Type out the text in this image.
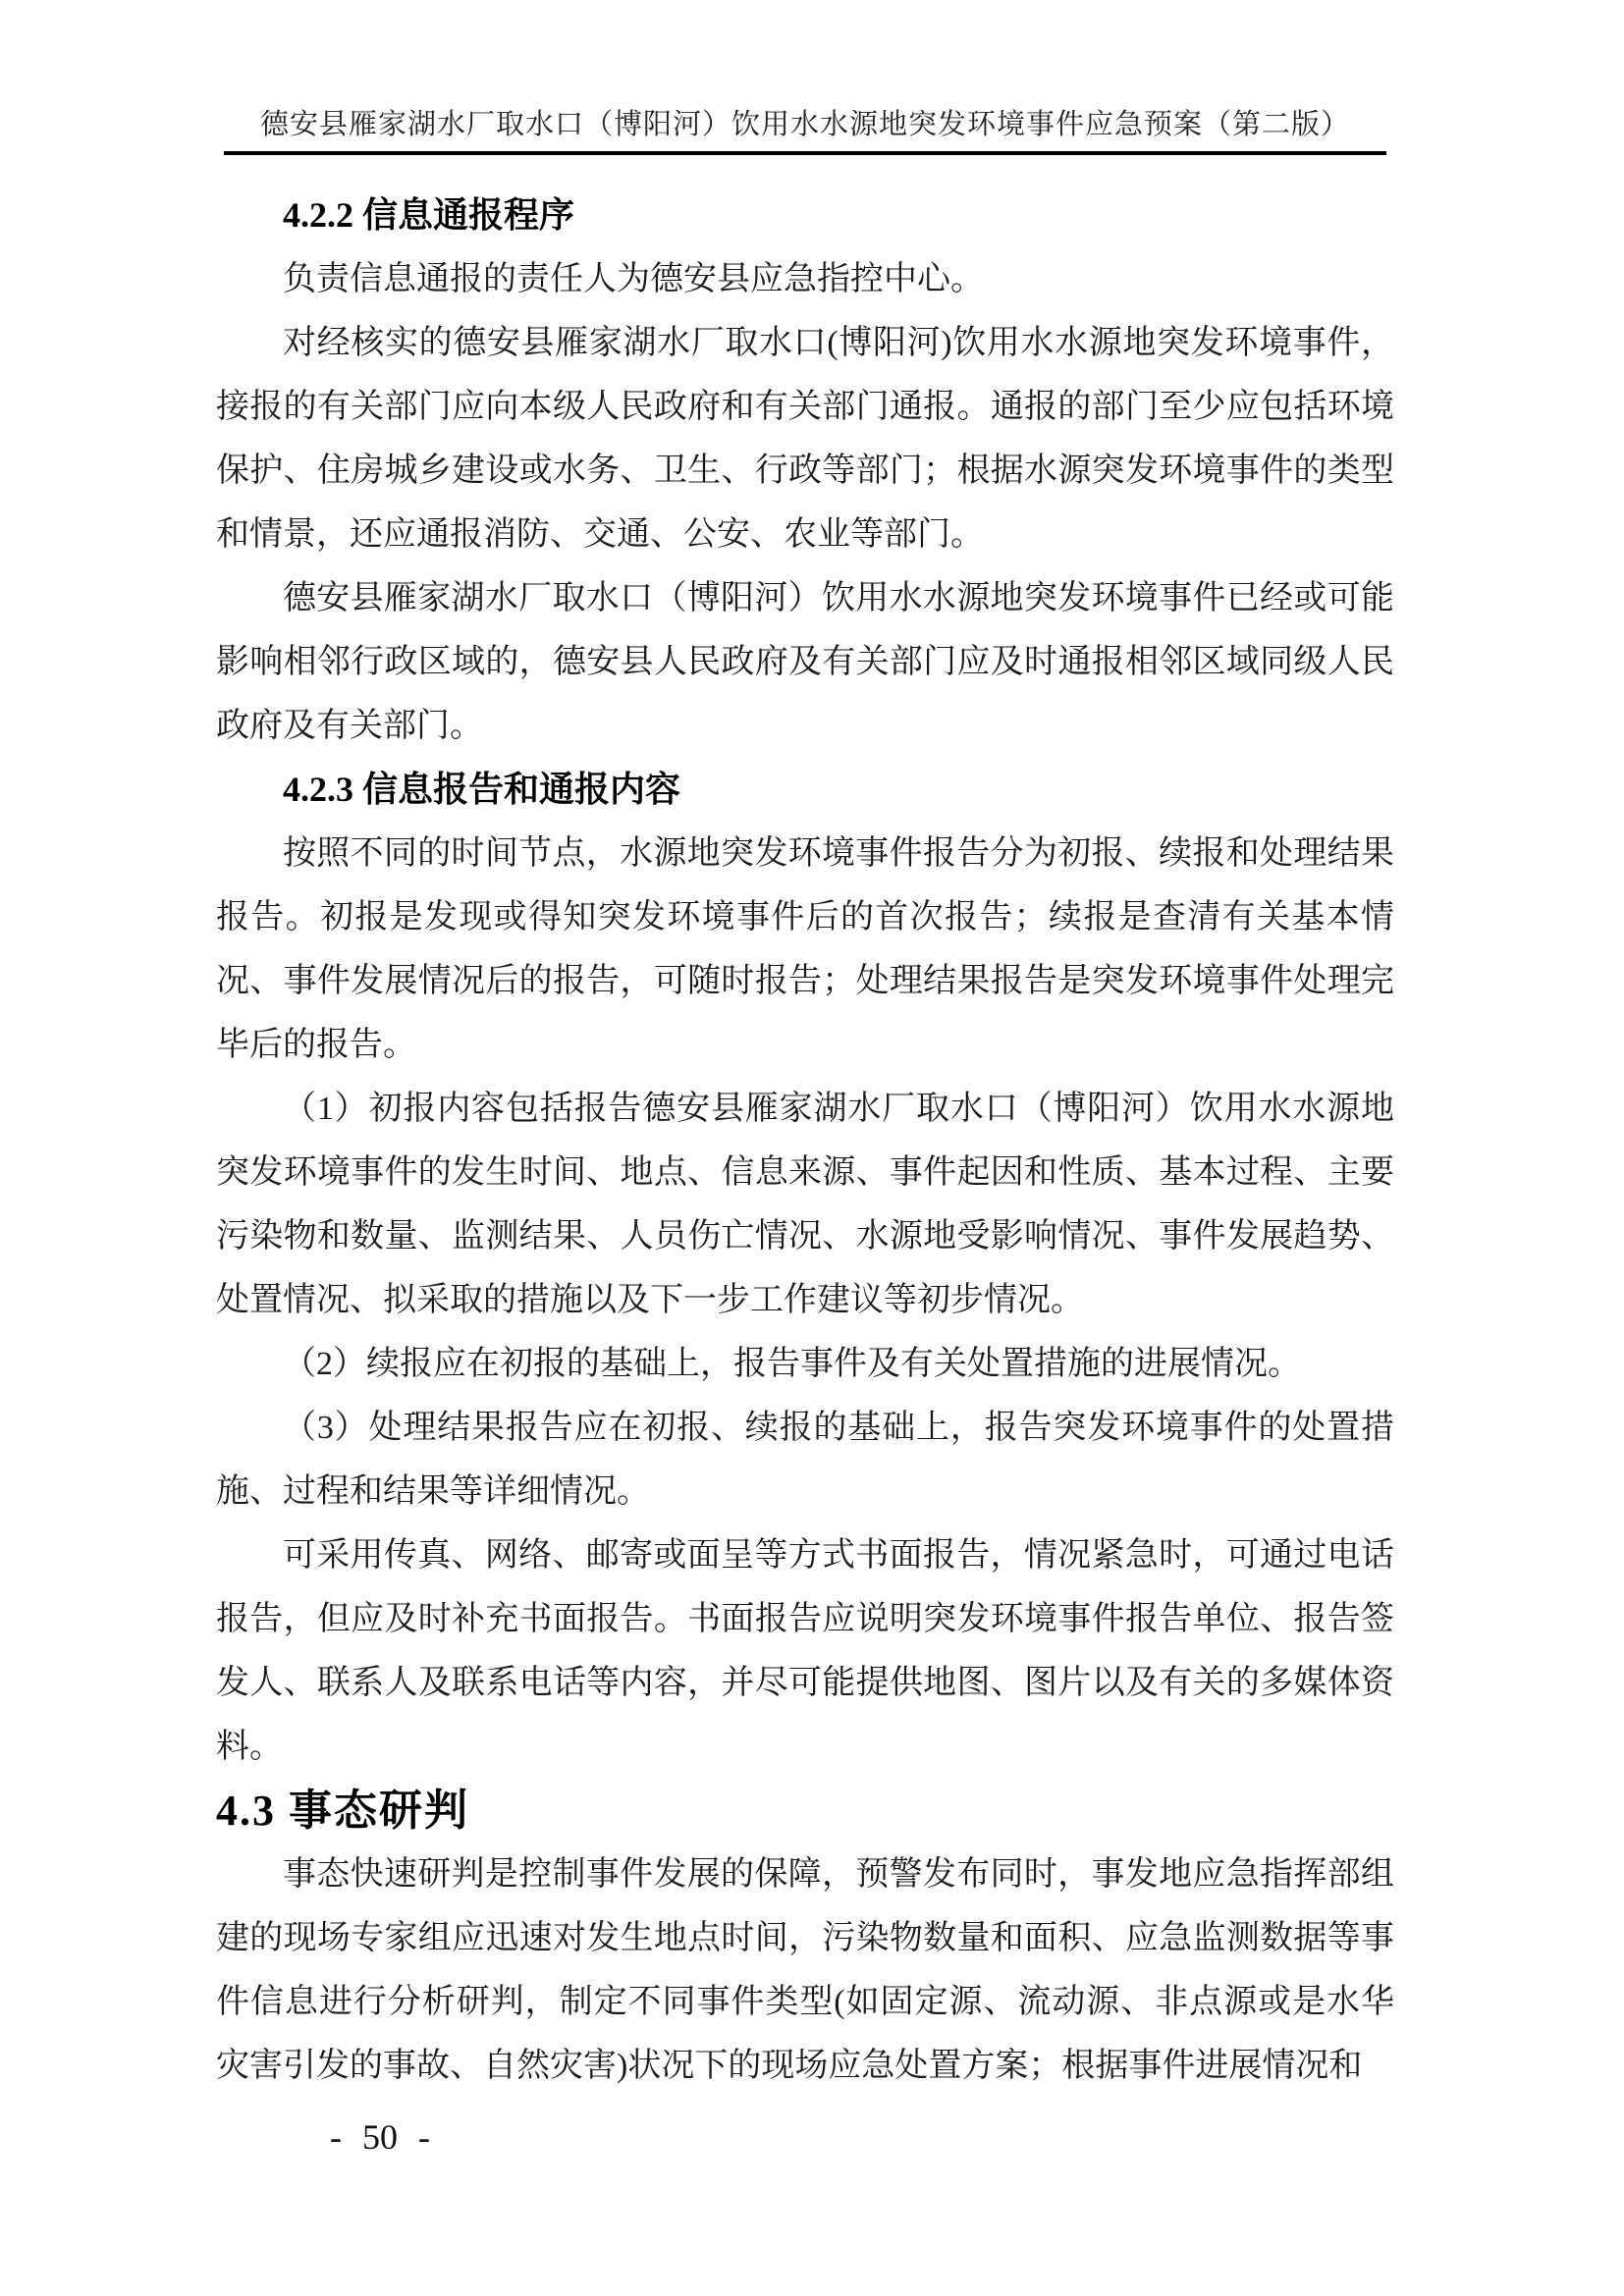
德安县雁家湖水厂取水口（博阳河）饮用水水源地突发环境事件应急预案（第二版）
4.2.2 信息通报程序
负责信息通报的责任人为德安县应急指控中心。
对经核实的德安县雁家湖水厂取水口(博阳河)饮用水水源地突发环境事件，接报的有关部门应向本级人民政府和有关部门通报。通报的部门至少应包括环境保护、住房城乡建设或水务、卫生、行政等部门；根据水源突发环境事件的类型和情景，还应通报消防、交通、公安、农业等部门。
德安县雁家湖水厂取水口（博阳河）饮用水水源地突发环境事件已经或可能影响相邻行政区域的，德安县人民政府及有关部门应及时通报相邻区域同级人民政府及有关部门。
4.2.3 信息报告和通报内容
按照不同的时间节点，水源地突发环境事件报告分为初报、续报和处理结果报告。初报是发现或得知突发环境事件后的首次报告；续报是查清有关基本情况、事件发展情况后的报告，可随时报告；处理结果报告是突发环境事件处理完毕后的报告。
（1）初报内容包括报告德安县雁家湖水厂取水口（博阳河）饮用水水源地突发环境事件的发生时间、地点、信息来源、事件起因和性质、基本过程、主要污染物和数量、监测结果、人员伤亡情况、水源地受影响情况、事件发展趋势、处置情况、拟采取的措施以及下一步工作建议等初步情况。
（2）续报应在初报的基础上，报告事件及有关处置措施的进展情况。
（3）处理结果报告应在初报、续报的基础上，报告突发环境事件的处置措施、过程和结果等详细情况。
可采用传真、网络、邮寄或面呈等方式书面报告，情况紧急时，可通过电话报告，但应及时补充书面报告。书面报告应说明突发环境事件报告单位、报告签发人、联系人及联系电话等内容，并尽可能提供地图、图片以及有关的多媒体资料。
4.3 事态研判
事态快速研判是控制事件发展的保障，预警发布同时，事发地应急指挥部组建的现场专家组应迅速对发生地点时间，污染物数量和面积、应急监测数据等事件信息进行分析研判，制定不同事件类型(如固定源、流动源、非点源或是水华灾害引发的事故、自然灾害)状况下的现场应急处置方案；根据事件进展情况和
- 50 -
